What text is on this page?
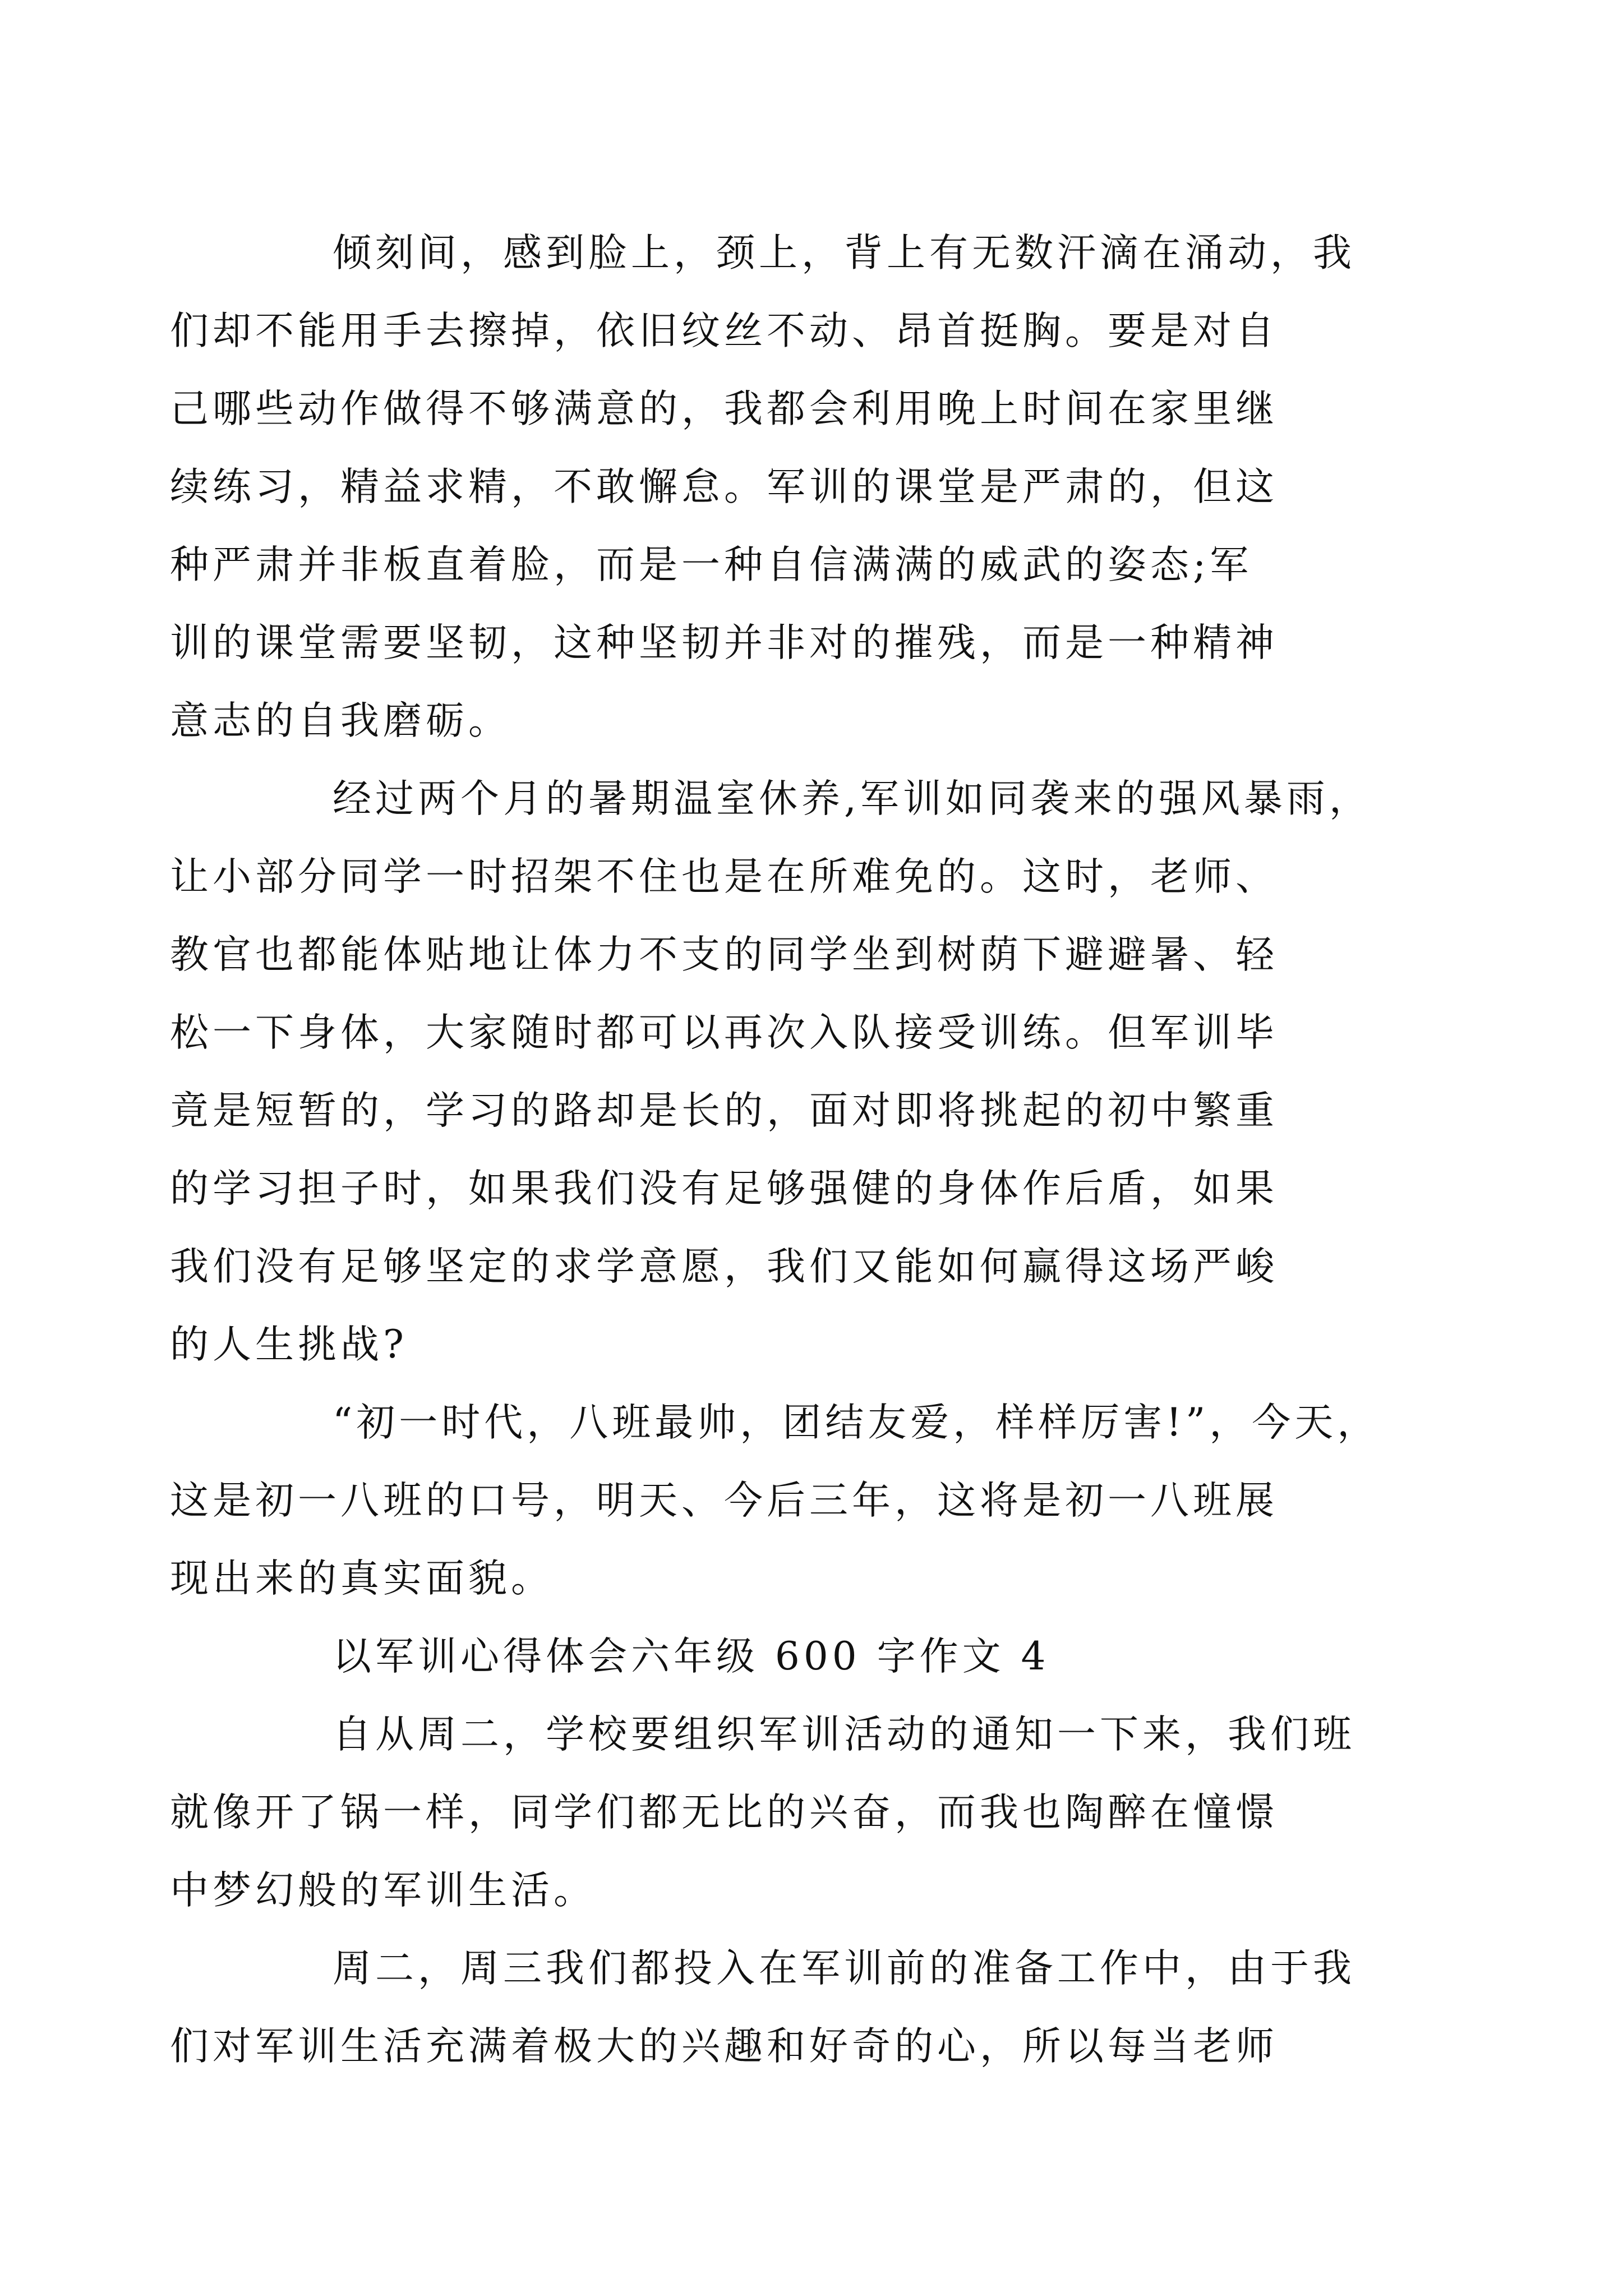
倾刻间，感到脸上，颈上，背上有无数汗滴在涌动，我
们却不能用手去擦掉，依旧纹丝不动、昂首挺胸。要是对自
己哪些动作做得不够满意的，我都会利用晚上时间在家里继
续练习，精益求精，不敢懈怠。军训的课堂是严肃的，但这
种严肃并非板直着脸，而是一种自信满满的威武的姿态;军
训的课堂需要坚韧，这种坚韧并非对的摧残，而是一种精神
意志的自我磨砺。

经过两个月的暑期温室休养,军训如同袭来的强风暴雨，
让小部分同学一时招架不住也是在所难免的。这时，老师、
教官也都能体贴地让体力不支的同学坐到树荫下避避暑、轻
松一下身体，大家随时都可以再次入队接受训练。但军训毕
竟是短暂的，学习的路却是长的，面对即将挑起的初中繁重
的学习担子时，如果我们没有足够强健的身体作后盾，如果
我们没有足够坚定的求学意愿，我们又能如何赢得这场严峻
的人生挑战?

“初一时代，八班最帅，团结友爱，样样厉害!”，今天，
这是初一八班的口号，明天、今后三年，这将是初一八班展
现出来的真实面貌。

以军训心得体会六年级 600 字作文 4

自从周二，学校要组织军训活动的通知一下来，我们班
就像开了锅一样，同学们都无比的兴奋，而我也陶醉在憧憬
中梦幻般的军训生活。

周二，周三我们都投入在军训前的准备工作中，由于我
们对军训生活充满着极大的兴趣和好奇的心，所以每当老师
